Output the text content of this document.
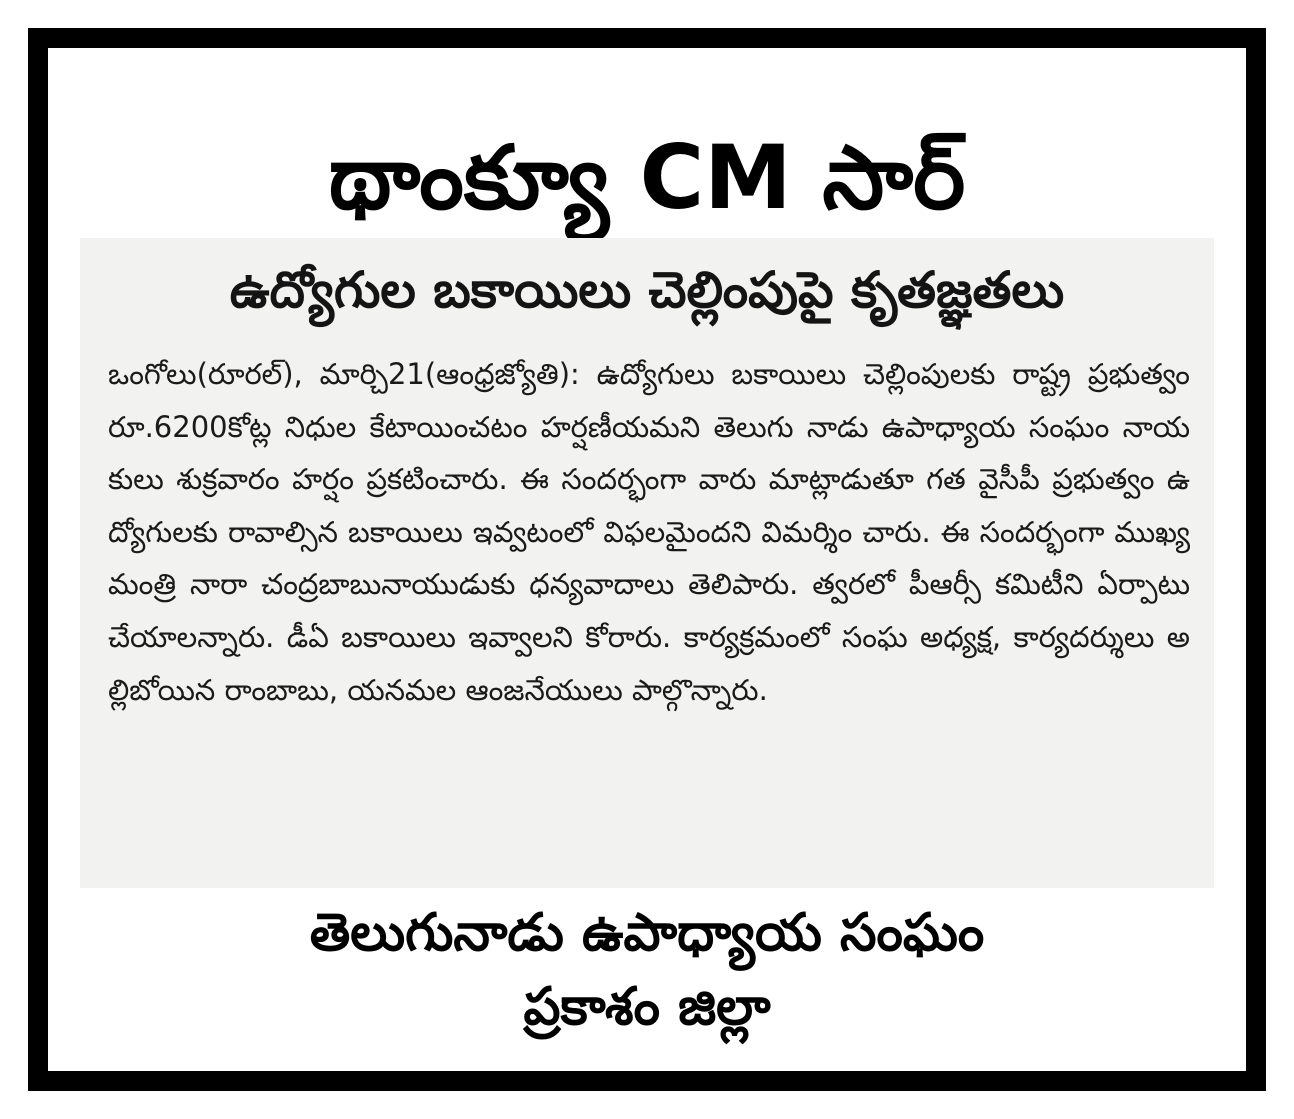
థాంక్యూ CM సార్
ఉద్యోగుల బకాయిలు చెల్లింపుపై కృతజ్ఞతలు
ఒంగోలు(రూరల్), మార్చి21(ఆంధ్రజ్యోతి): ఉద్యోగులు బకాయిలు చెల్లింపులకు రాష్ట్ర ప్రభుత్వం రూ.6200కోట్ల నిధుల కేటాయించటం హర్షణీయమని తెలుగు నాడు ఉపాధ్యాయ సంఘం నాయకులు శుక్రవారం హర్షం ప్రకటించారు. ఈ సందర్భంగా వారు మాట్లాడుతూ గత వైసీపీ ప్రభుత్వం ఉద్యోగులకు రావాల్సిన బకాయిలు ఇవ్వటంలో విఫలమైందని విమర్శిం చారు. ఈ సందర్భంగా ముఖ్య మంత్రి నారా చంద్రబాబునాయుడుకు ధన్యవాదాలు తెలిపారు. త్వరలో పీఆర్సీ కమిటీని ఏర్పాటు చేయాలన్నారు. డీఏ బకాయిలు ఇవ్వాలని కోరారు. కార్యక్రమంలో సంఘ అధ్యక్ష, కార్యదర్శులు అల్లిబోయిన రాంబాబు, యనమల ఆంజనేయులు పాల్గొన్నారు.
తెలుగునాడు ఉపాధ్యాయ సంఘం
ప్రకాశం జిల్లా
